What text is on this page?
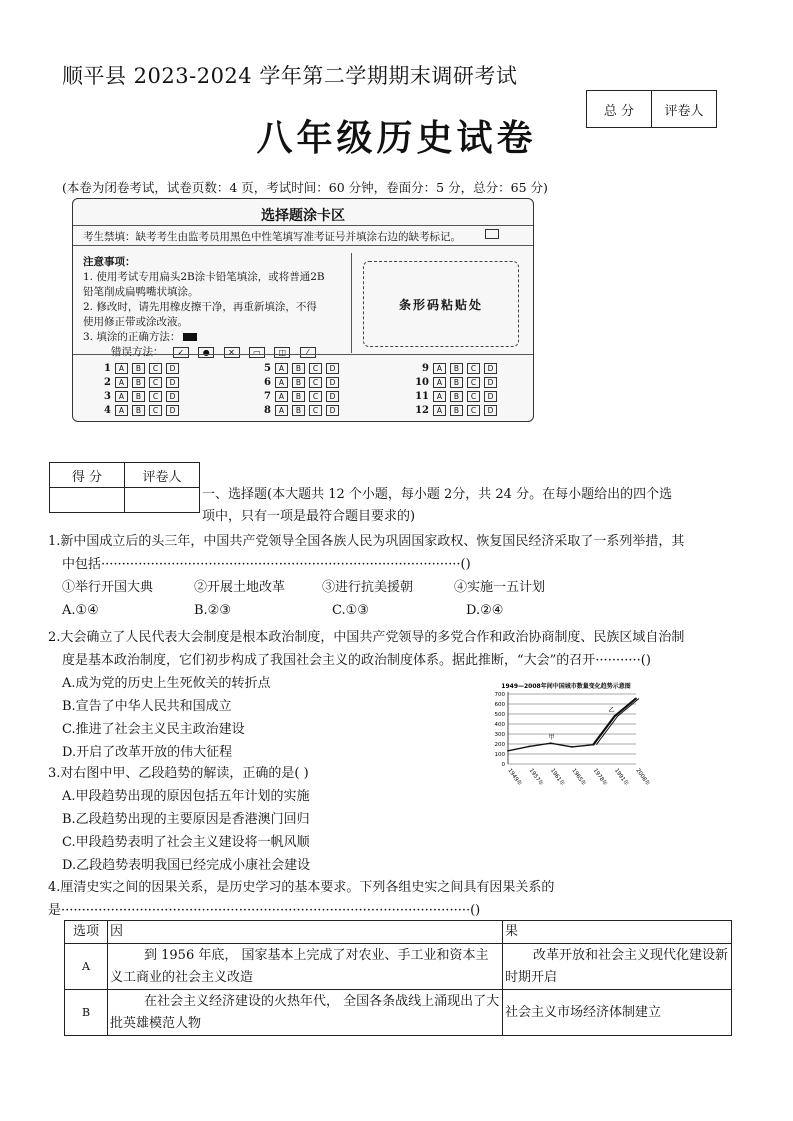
顺平县 2023-2024 学年第二学期期末调研考试
总 分	评卷人
八年级历史试卷
(本卷为闭卷考试，试卷页数：4 页，考试时间：60 分钟，卷面分：5 分，总分：65 分)
选择题涂卡区
考生禁填：缺考考生由监考员用黑色中性笔填写准考证号并填涂右边的缺考标记。
注意事项：
1. 使用考试专用扁头2B涂卡铅笔填涂，或将普通2B
铅笔削成扁鸭嘴状填涂。
2. 修改时，请先用橡皮擦干净，再重新填涂，不得
使用修正带或涂改液。
3. 填涂的正确方法：
错误方法： ✓ ● ✕ ▭ ◫	⁄
条形码粘贴处
1	A	B	C	D
2	A	B	C	D
3	A	B	C	D
4	A	B	C	D
5	A	B	C	D
6	A	B	C	D
7	A	B	C	D
8	A	B	C	D
9	A	B	C	D
10	A	B	C	D
11	A	B	C	D
12	A	B	C	D
得 分	评卷人

一、选择题(本大题共 12 个小题，每小题 2分，共 24 分。在每小题给出的四个选
项中，只有一项是最符合题目要求的)
1.新中国成立后的头三年，中国共产党领导全国各族人民为巩固国家政权、恢复国民经济采取了一系列举措，其
中包括·······················································································()
①举行开国大典	②开展土地改革	③进行抗美援朝	④实施一五计划
A.①④	B.②③	C.①③	D.②④
2.大会确立了人民代表大会制度是根本政治制度，中国共产党领导的多党合作和政治协商制度、民族区域自治制
度是基本政治制度，它们初步构成了我国社会主义的政治制度体系。据此推断，“大会”的召开···········()
A.成为党的历史上生死攸关的转折点
B.宣告了中华人民共和国成立
C.推进了社会主义民主政治建设
D.开启了改革开放的伟大征程
3.对右图中甲、乙段趋势的解读，正确的是( )
A.甲段趋势出现的原因包括五年计划的实施
B.乙段趋势出现的主要原因是香港澳门回归
C.甲段趋势表明了社会主义建设将一帆风顺
D.乙段趋势表明我国已经完成小康社会建设
1949—2008年间中国城市数量变化趋势示意图
0
100
200
300
400
500
600
700
1949年 1957年 1961年 1965年 1978年 1991年 2008年
甲
乙
4.厘清史实之间的因果关系，是历史学习的基本要求。下列各组史实之间具有因果关系的
是···································································································()
选项	因	果
A	到 1956 年底， 国家基本上完成了对农业、手工业和资本主义工商业的社会主义改造	改革开放和社会主义现代化建设新时期开启
B	在社会主义经济建设的火热年代， 全国各条战线上涌现出了大批英雄模范人物	社会主义市场经济体制建立
